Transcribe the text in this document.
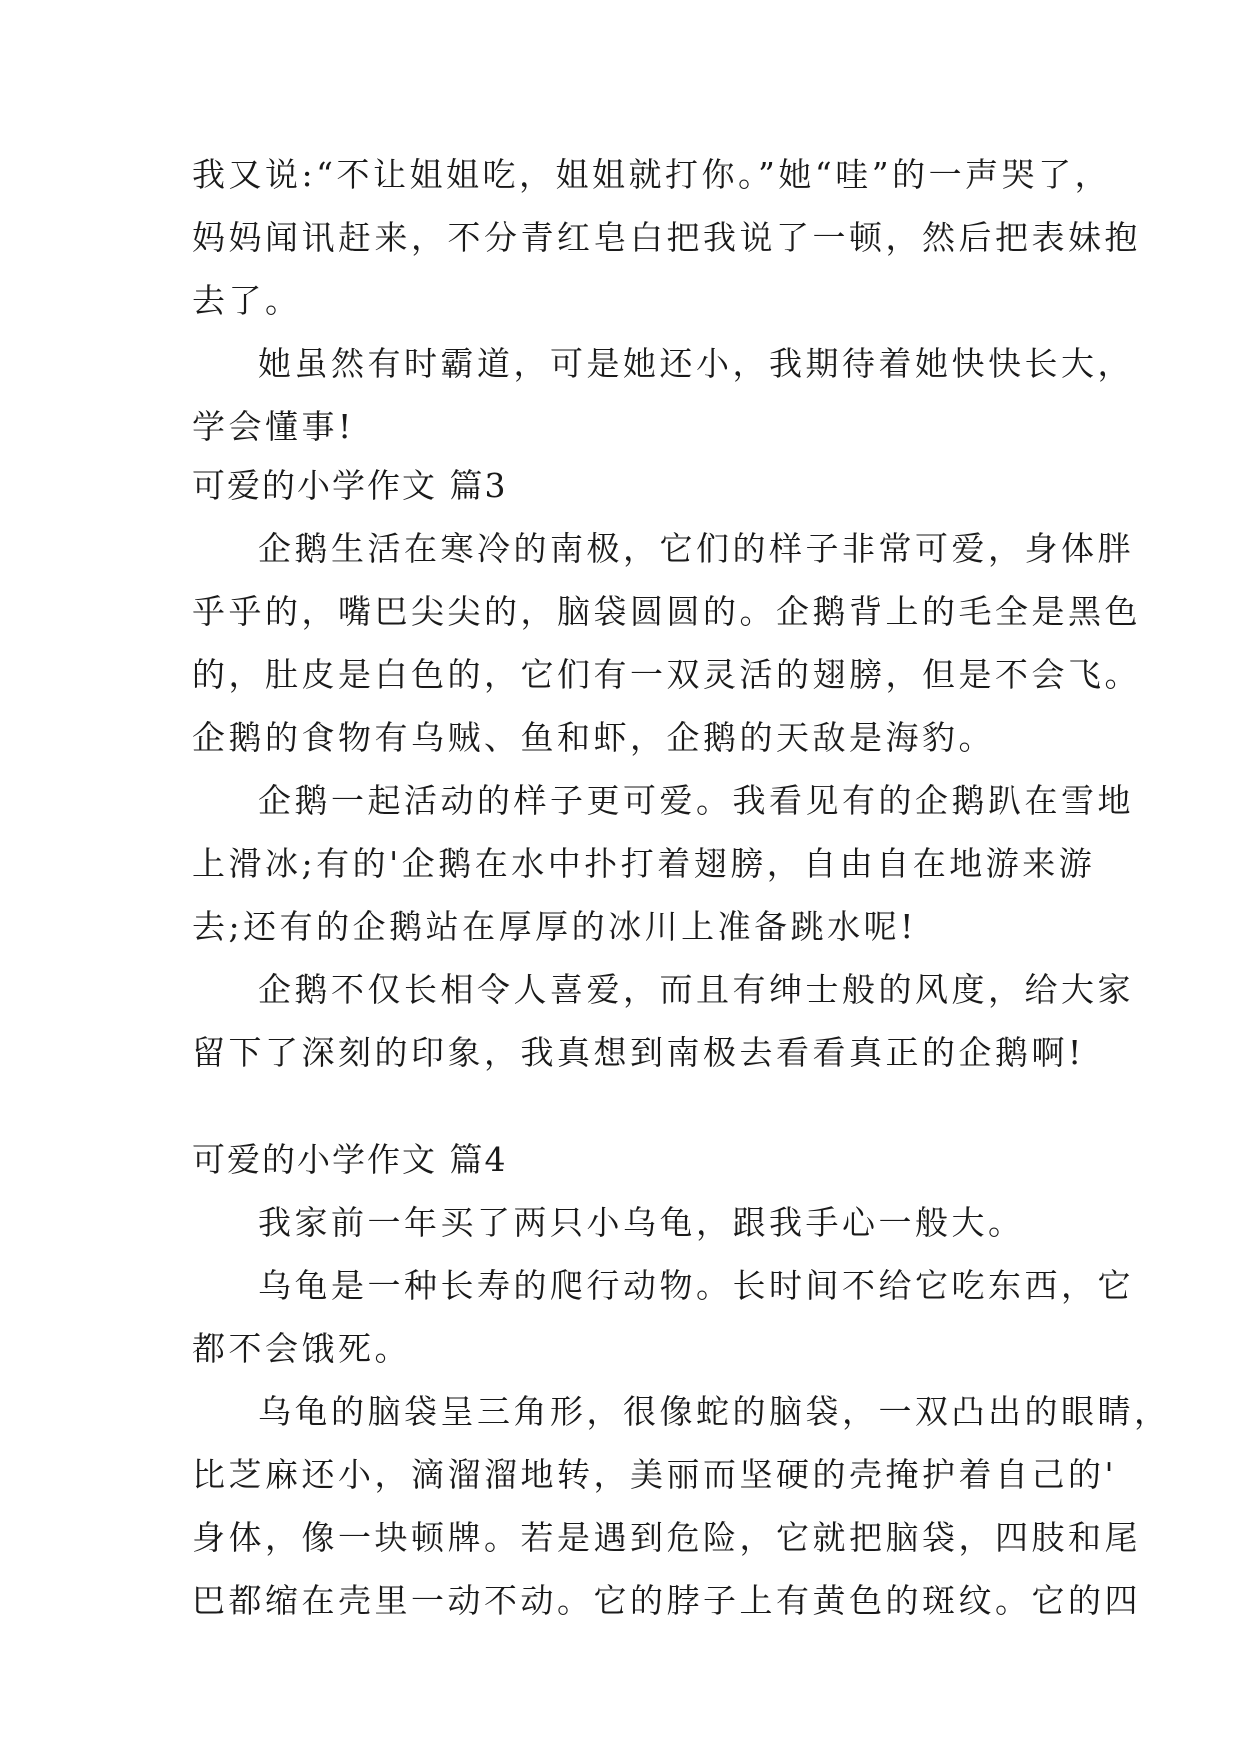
我又说:“不让姐姐吃，姐姐就打你。”她“哇”的一声哭了，
妈妈闻讯赶来，不分青红皂白把我说了一顿，然后把表妹抱
去了。
她虽然有时霸道，可是她还小，我期待着她快快长大，
学会懂事!
可爱的小学作文 篇3
企鹅生活在寒冷的南极，它们的样子非常可爱，身体胖
乎乎的，嘴巴尖尖的，脑袋圆圆的。企鹅背上的毛全是黑色
的，肚皮是白色的，它们有一双灵活的翅膀，但是不会飞。
企鹅的食物有乌贼、鱼和虾，企鹅的天敌是海豹。
企鹅一起活动的样子更可爱。我看见有的企鹅趴在雪地
上滑冰;有的'企鹅在水中扑打着翅膀，自由自在地游来游
去;还有的企鹅站在厚厚的冰川上准备跳水呢!
企鹅不仅长相令人喜爱，而且有绅士般的风度，给大家
留下了深刻的印象，我真想到南极去看看真正的企鹅啊!
可爱的小学作文 篇4
我家前一年买了两只小乌龟，跟我手心一般大。
乌龟是一种长寿的爬行动物。长时间不给它吃东西，它
都不会饿死。
乌龟的脑袋呈三角形，很像蛇的脑袋，一双凸出的眼睛，
比芝麻还小，滴溜溜地转，美丽而坚硬的壳掩护着自己的'
身体，像一块顿牌。若是遇到危险，它就把脑袋，四肢和尾
巴都缩在壳里一动不动。它的脖子上有黄色的斑纹。它的四
